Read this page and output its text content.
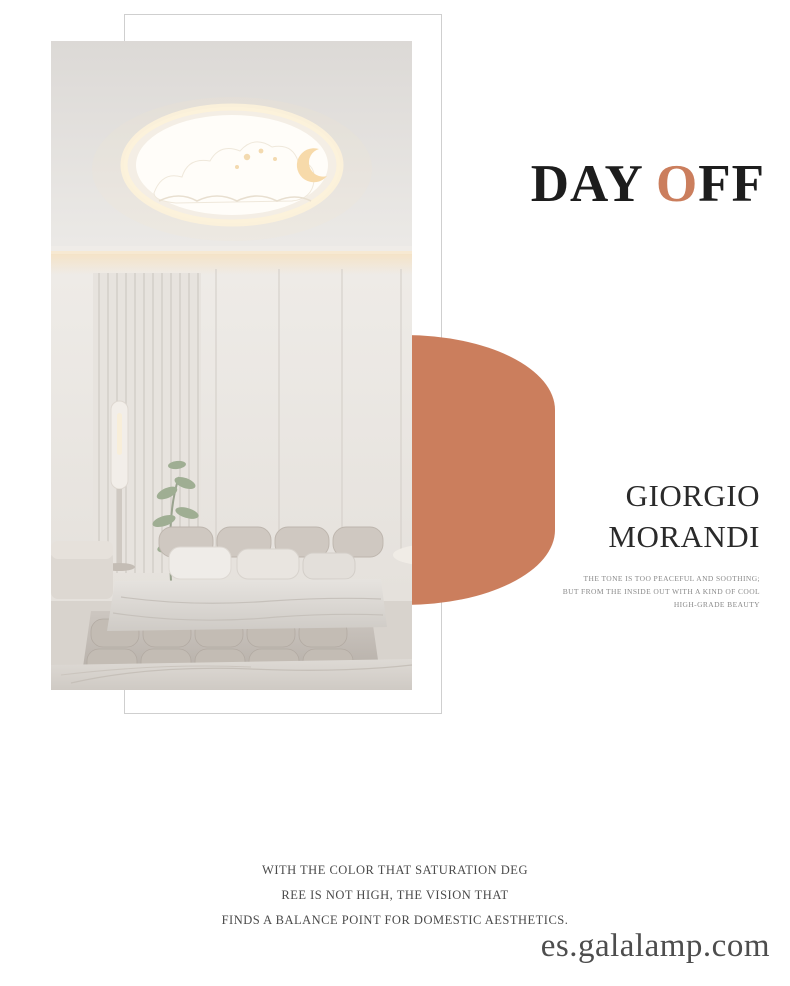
DAY OFF
GIORGIO
MORANDI
THE TONE IS TOO PEACEFUL AND SOOTHING;
BUT FROM THE INSIDE OUT WITH A KIND OF COOL
HIGH-GRADE BEAUTY
WITH THE COLOR THAT SATURATION DEG
REE IS NOT HIGH, THE VISION THAT
FINDS A BALANCE POINT FOR DOMESTIC AESTHETICS.
es.galalamp.com
